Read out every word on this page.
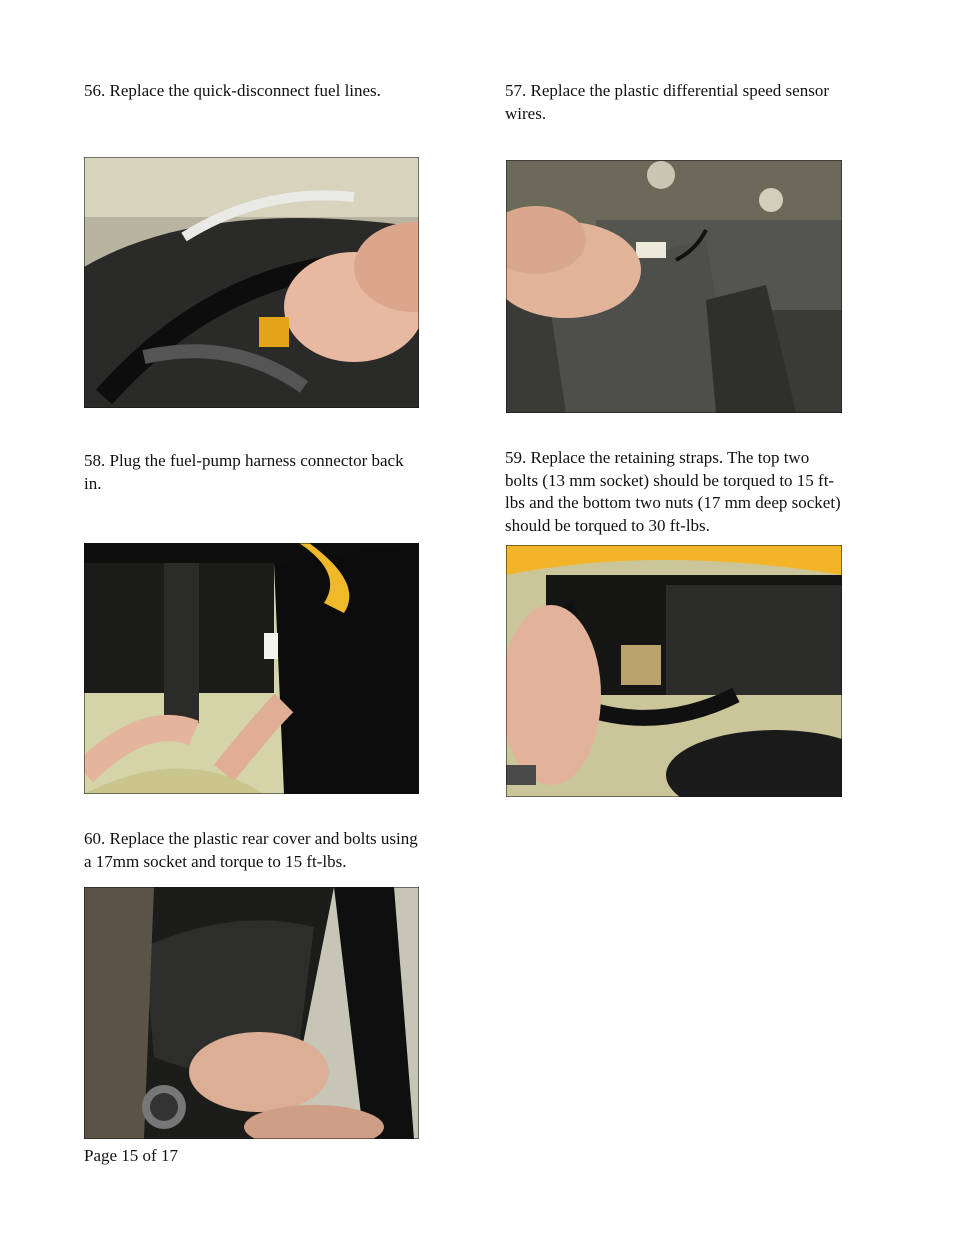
56. Replace the quick-disconnect fuel lines.	57. Replace the plastic differential speed sensor wires.

58. Plug the fuel-pump harness connector back in.

59. Replace the retaining straps. The top two bolts (13 mm socket) should be torqued to 15 ft-lbs and the bottom two nuts (17 mm deep socket) should be torqued to 30 ft-lbs.

60. Replace the plastic rear cover and bolts using a 17mm socket and torque to 15 ft-lbs.

Page 15 of 17
